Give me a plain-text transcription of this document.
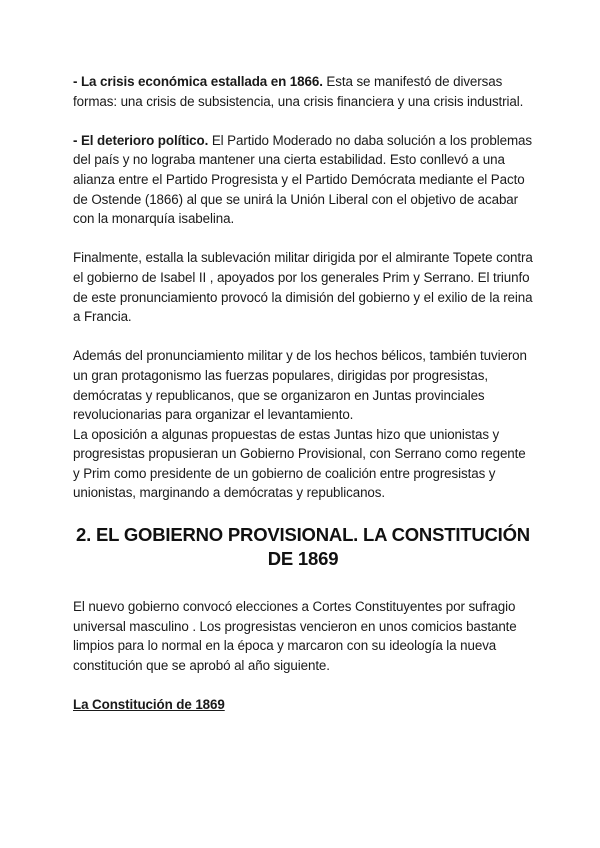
- La crisis económica estallada en 1866. Esta se manifestó de diversas formas: una crisis de subsistencia, una crisis financiera y una crisis industrial.

- El deterioro político. El Partido Moderado no daba solución a los problemas del país y no lograba mantener una cierta estabilidad. Esto conllevó a una alianza entre el Partido Progresista y el Partido Demócrata mediante el Pacto de Ostende (1866) al que se unirá la Unión Liberal con el objetivo de acabar con la monarquía isabelina.

Finalmente, estalla la sublevación militar dirigida por el almirante Topete contra el gobierno de Isabel II , apoyados por los generales Prim y Serrano. El triunfo de este pronunciamiento provocó la dimisión del gobierno y el exilio de la reina a Francia.

Además del pronunciamiento militar y de los hechos bélicos, también tuvieron un gran protagonismo las fuerzas populares, dirigidas por progresistas, demócratas y republicanos, que se organizaron en Juntas provinciales revolucionarias para organizar el levantamiento.

La oposición a algunas propuestas de estas Juntas hizo que unionistas y progresistas propusieran un Gobierno Provisional, con Serrano como regente y Prim como presidente de un gobierno de coalición entre progresistas y unionistas, marginando a demócratas y republicanos.

2. EL GOBIERNO PROVISIONAL. LA CONSTITUCIÓN DE 1869

El nuevo gobierno convocó elecciones a Cortes Constituyentes por sufragio universal masculino . Los progresistas vencieron en unos comicios bastante limpios para lo normal en la época y marcaron con su ideología la nueva constitución que se aprobó al año siguiente.

La Constitución de 1869
